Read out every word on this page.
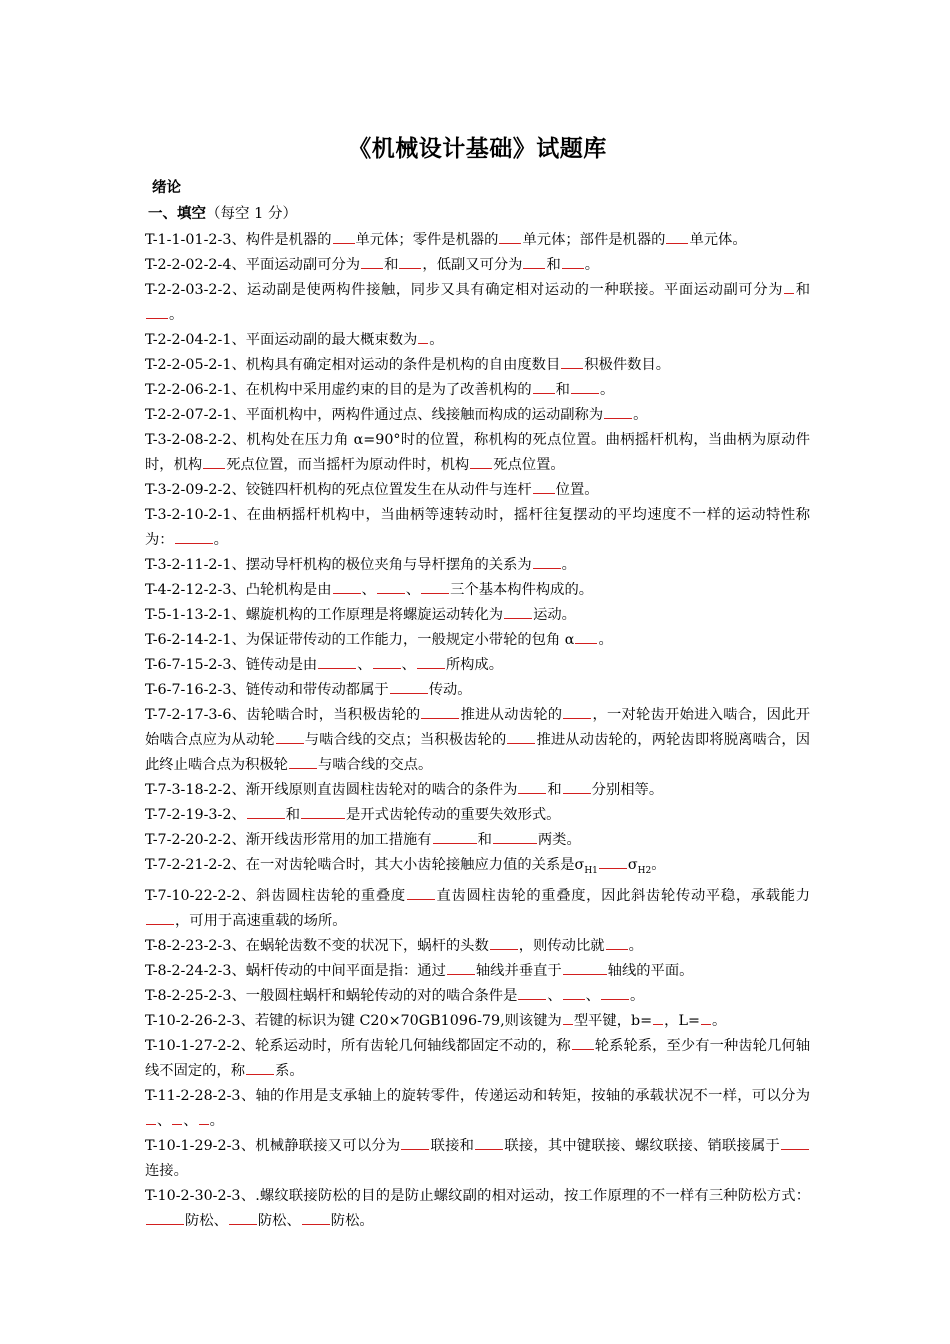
《机械设计基础》试题库
绪论
一、填空（每空 1 分）

T-1-1-01-2-3、构件是机器的 单元体；零件是机器的 单元体；部件是机器的 单元体。

T-2-2-02-2-4、平面运动副可分为 和 ，低副又可分为 和 。

T-2-2-03-2-2、运动副是使两构件接触，同步又具有确定相对运动的一种联接。平面运动副可分为 和。

T-2-2-04-2-1、平面运动副的最大概束数为 。

T-2-2-05-2-1、机构具有确定相对运动的条件是机构的自由度数目 积极件数目。

T-2-2-06-2-1、在机构中采用虚约束的目的是为了改善机构的 和 。

T-2-2-07-2-1、平面机构中，两构件通过点、线接触而构成的运动副称为 。

T-3-2-08-2-2、机构处在压力角 α=90°时的位置，称机构的死点位置。曲柄摇杆机构，当曲柄为原动件时，机构 死点位置，而当摇杆为原动件时，机构 死点位置。

T-3-2-09-2-2、铰链四杆机构的死点位置发生在从动件与连杆 位置。

T-3-2-10-2-1、在曲柄摇杆机构中，当曲柄等速转动时，摇杆往复摆动的平均速度不一样的运动特性称为：	。

T-3-2-11-2-1、摆动导杆机构的极位夹角与导杆摆角的关系为 。

T-4-2-12-2-3、凸轮机构是由 、 、 三个基本构件构成的。

T-5-1-13-2-1、螺旋机构的工作原理是将螺旋运动转化为 运动。

T-6-2-14-2-1、为保证带传动的工作能力，一般规定小带轮的包角 α 。

T-6-7-15-2-3、链传动是由	、 、 所构成。

T-6-7-16-2-3、链传动和带传动都属于	传动。

T-7-2-17-3-6、齿轮啮合时，当积极齿轮的	推进从动齿轮的 ，一对轮齿开始进入啮合，因此开始啮合点应为从动轮 与啮合线的交点；当积极齿轮的 推进从动齿轮的，两轮齿即将脱离啮合，因此终止啮合点为积极轮 与啮合线的交点。

T-7-3-18-2-2、渐开线原则直齿圆柱齿轮对的啮合的条件为 和 分别相等。

T-7-2-19-3-2、	和	是开式齿轮传动的重要失效形式。

T-7-2-20-2-2、渐开线齿形常用的加工措施有	和	两类。

T-7-2-21-2-2、在一对齿轮啮合时，其大小齿轮接触应力值的关系是$\sigma_{H1}$ $\sigma_{H2}$。

T-7-10-22-2-2、斜齿圆柱齿轮的重叠度 直齿圆柱齿轮的重叠度，因此斜齿轮传动平稳，承载能力，可用于高速重载的场所。

T-8-2-23-2-3、在蜗轮齿数不变的状况下，蜗杆的头数 ，则传动比就 。

T-8-2-24-2-3、蜗杆传动的中间平面是指：通过 轴线并垂直于	轴线的平面。

T-8-2-25-2-3、一般圆柱蜗杆和蜗轮传动的对的啮合条件是 、 、 。

T-10-2-26-2-3、若键的标识为键 C20×70GB1096-79,则该键为 型平键，b= ，L= 。

T-10-1-27-2-2、轮系运动时，所有齿轮几何轴线都固定不动的，称 轮系轮系，至少有一种齿轮几何轴线不固定的，称 系。

T-11-2-28-2-3、轴的作用是支承轴上的旋转零件，传递运动和转矩，按轴的承载状况不一样，可以分为、 、 。

T-10-1-29-2-3、机械静联接又可以分为 联接和 联接，其中键联接、螺纹联接、销联接属于连接。

T-10-2-30-2-3、.螺纹联接防松的目的是防止螺纹副的相对运动，按工作原理的不一样有三种防松方式：防松、 防松、 防松。
